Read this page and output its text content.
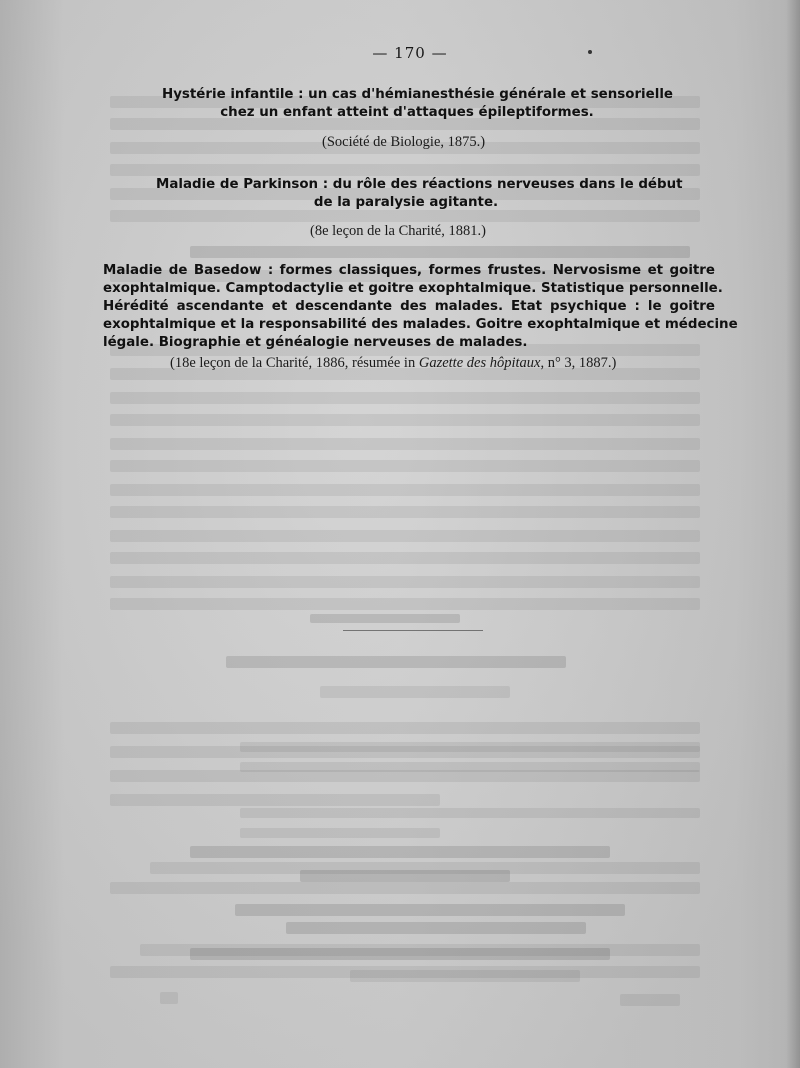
— 170 —
Hystérie infantile : un cas d'hémianesthésie générale et sensorielle
chez un enfant atteint d'attaques épileptiformes.
(Société de Biologie, 1875.)
Maladie de Parkinson : du rôle des réactions nerveuses dans le début
de la paralysie agitante.
(8e leçon de la Charité, 1881.)
Maladie de Basedow : formes classiques, formes frustes. Nervosisme et goitre
exophtalmique. Camptodactylie et goitre exophtalmique. Statistique personnelle.
Hérédité ascendante et descendante des malades. Etat psychique : le goitre
exophtalmique et la responsabilité des malades. Goitre exophtalmique et médecine
légale. Biographie et généalogie nerveuses de malades.
(18e leçon de la Charité, 1886, résumée in Gazette des hôpitaux, n° 3, 1887.)
